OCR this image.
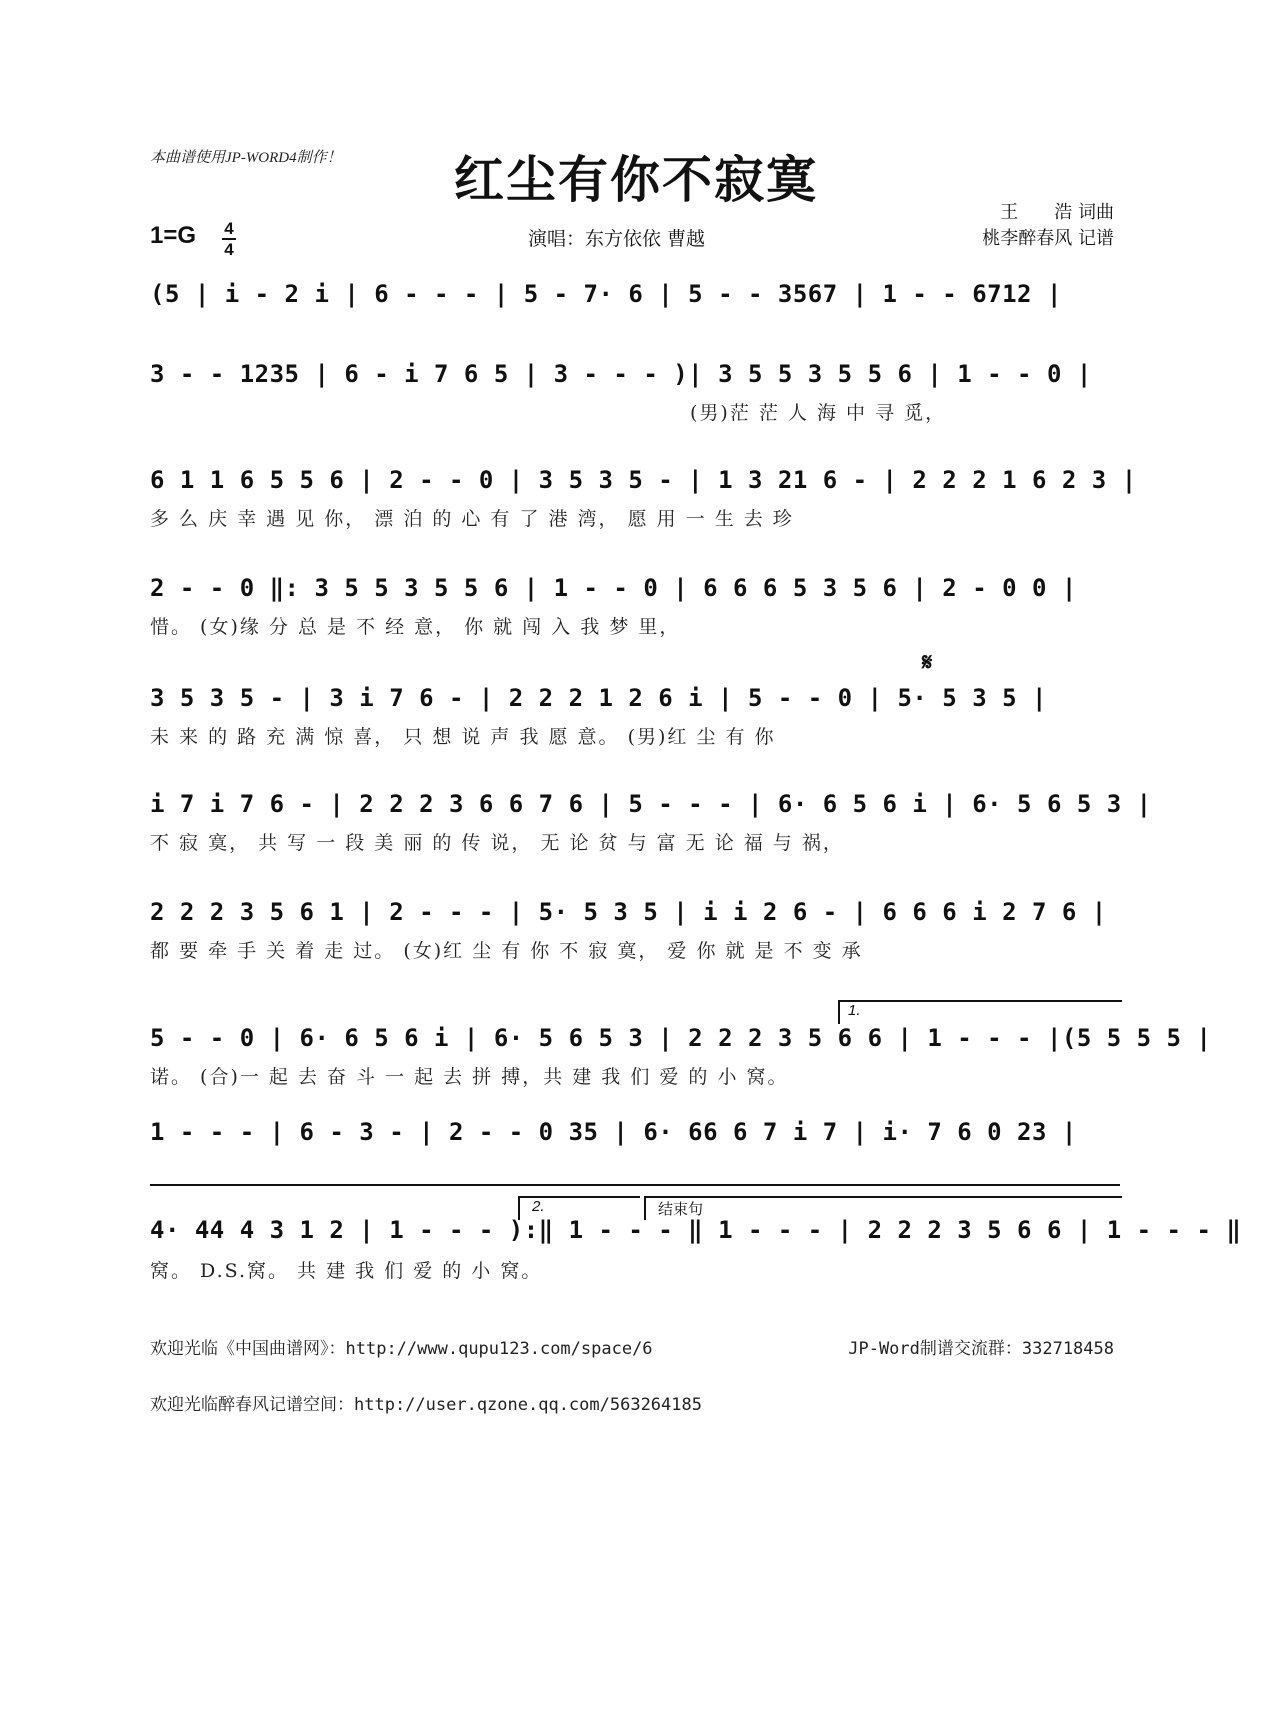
本曲谱使用JP-WORD4制作！	红尘有你不寂寞
1=G 4
4	演唱：东方依依 曹越
王　　浩 词曲
桃李醉春风 记谱
𝄋
1.
2.	结束句
(5 | i - 2 i | 6 - - - | 5 - 7· 6 | 5 - - 3567 | 1 - - 6712 |
3 - - 1235 | 6 - i 7 6 5 | 3 - - - )| 3 5 5 3 5 5 6 | 1 - - 0 |
(男)茫 茫 人 海 中 寻 觅，
6 1 1 6 5 5 6 | 2 - - 0 | 3 5 3 5 - | 1 3 21 6 - | 2 2 2 1 6 2 3 |
多 么 庆 幸 遇 见 你， 漂 泊 的 心 有 了 港 湾， 愿 用 一 生 去 珍
2 - - 0 ‖: 3 5 5 3 5 5 6 | 1 - - 0 | 6 6 6 5 3 5 6 | 2 - 0 0 |
惜。 (女)缘 分 总 是 不 经 意， 你 就 闯 入 我 梦 里，
3 5 3 5 - | 3 i 7 6 - | 2 2 2 1 2 6 i | 5 - - 0 | 5· 5 3 5 |
未 来 的 路 充 满 惊 喜， 只 想 说 声 我 愿 意。 (男)红 尘 有 你
i 7 i 7 6 - | 2 2 2 3 6 6 7 6 | 5 - - - | 6· 6 5 6 i | 6· 5 6 5 3 |
不 寂 寞， 共 写 一 段 美 丽 的 传 说， 无 论 贫 与 富 无 论 福 与 祸，
2 2 2 3 5 6 1 | 2 - - - | 5· 5 3 5 | i i 2 6 - | 6 6 6 i 2 7 6 |
都 要 牵 手 关 着 走 过。 (女)红 尘 有 你 不 寂 寞， 爱 你 就 是 不 变 承
5 - - 0 | 6· 6 5 6 i | 6· 5 6 5 3 | 2 2 2 3 5 6 6 | 1 - - - |(5 5 5 5 |
诺。 (合)一 起 去 奋 斗 一 起 去 拼 搏，共 建 我 们 爱 的 小 窝。
1 - - - | 6 - 3 - | 2 - - 0 35 | 6· 66 6 7 i 7 | i· 7 6 0 23 |
4· 44 4 3 1 2 | 1 - - - ):‖ 1 - - - ‖ 1 - - - | 2 2 2 3 5 6 6 | 1 - - - ‖
窝。 D.S.窝。 共 建 我 们 爱 的 小 窝。
欢迎光临《中国曲谱网》：http://www.qupu123.com/space/6	JP-Word制谱交流群：332718458
欢迎光临醉春风记谱空间：http://user.qzone.qq.com/563264185
